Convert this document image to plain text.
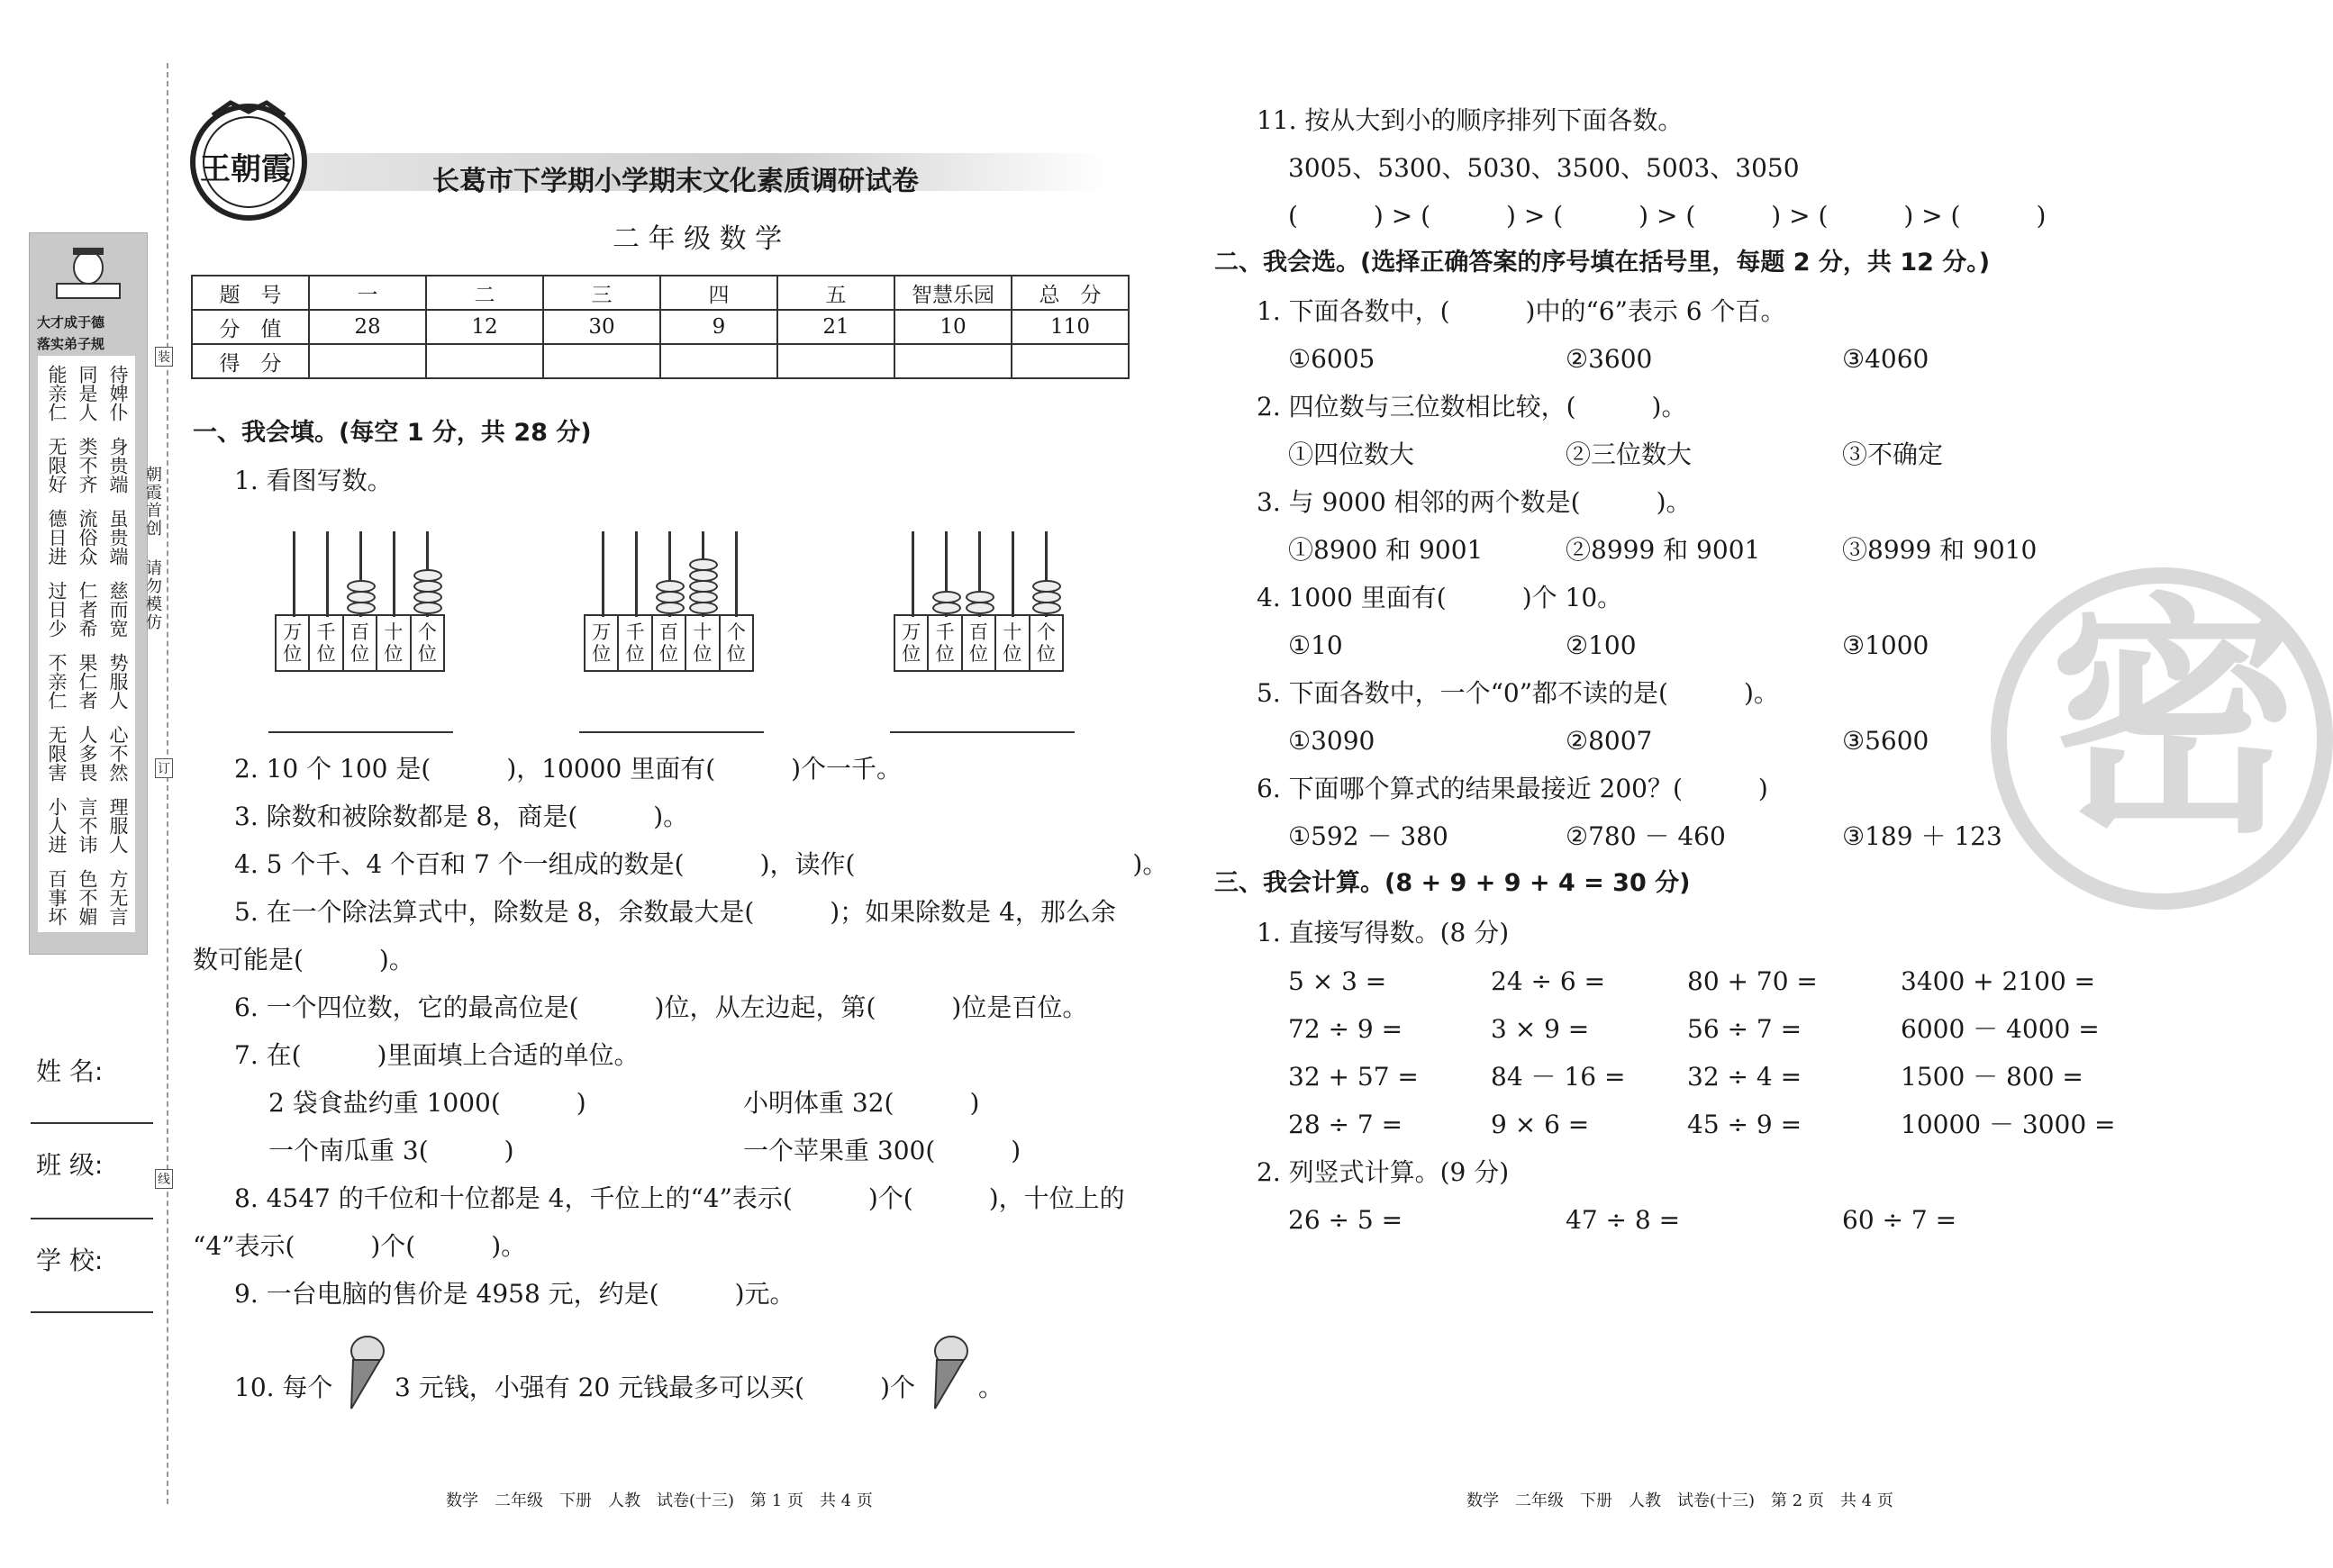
大才成于德
落实弟子规
能亲仁
无限好
德日进
过日少
不亲仁
无限害
小人进
百事坏
同是人
类不齐
流俗众
仁者希
果仁者
人多畏
言不讳
色不媚
待婢仆
身贵端
虽贵端
慈而宽
势服人
心不然
理服人
方无言
姓 名:
班 级:
学 校:
朝霞首创
请勿模仿
装
订
线
王朝霞	长葛市下学期小学期末文化素质调研试卷
二 年 级 数 学
题　号	一	二	三	四	五	智慧乐园	总　分
分　值	28	12	30	9	21	10	110
得　分							
一、我会填。(每空 1 分，共 28 分)
1. 看图写数。
万位
千位
百位
十位
个位
万位
千位
百位
十位
个位
万位
千位
百位
十位
个位
2. 10 个 100 是(　　　)，10000 里面有(　　　)个一千。
3. 除数和被除数都是 8，商是(　　　)。
4. 5 个千、4 个百和 7 个一组成的数是(　　　)，读作(　　　　　　　　　　　)。
5. 在一个除法算式中，除数是 8，余数最大是(　　　)；如果除数是 4，那么余
数可能是(　　　)。
6. 一个四位数，它的最高位是(　　　)位，从左边起，第(　　　)位是百位。
7. 在(　　　)里面填上合适的单位。
2 袋食盐约重 1000(　　　)	小明体重 32(　　　)
一个南瓜重 3(　　　)	一个苹果重 300(　　　)
8. 4547 的千位和十位都是 4，千位上的“4”表示(　　　)个(　　　)，十位上的
“4”表示(　　　)个(　　　)。
9. 一台电脑的售价是 4958 元，约是(　　　)元。
10. 每个 3 元钱，小强有 20 元钱最多可以买(　　　)个	。
数学　二年级　下册　人教　试卷(十三)　第 1 页　共 4 页
11. 按从大到小的顺序排列下面各数。
3005、5300、5030、3500、5003、3050
(　　　) > (　　　) > (　　　) > (　　　) > (　　　) > (　　　)
二、我会选。(选择正确答案的序号填在括号里，每题 2 分，共 12 分。)
1. 下面各数中，(　　　)中的“6”表示 6 个百。
①6005	②3600	③4060
2. 四位数与三位数相比较，(　　　)。
①四位数大	②三位数大	③不确定
3. 与 9000 相邻的两个数是(　　　)。
①8900 和 9001	②8999 和 9001	③8999 和 9010
4. 1000 里面有(　　　)个 10。
①10	②100	③1000
5. 下面各数中，一个“0”都不读的是(　　　)。
①3090	②8007	③5600
6. 下面哪个算式的结果最接近 200？(　　　)
①592 － 380	②780 － 460	③189 ＋ 123
三、我会计算。(8 + 9 + 9 + 4 = 30 分)
1. 直接写得数。(8 分)
5 × 3 =	24 ÷ 6 =	80 + 70 =	3400 + 2100 =
72 ÷ 9 =	3 × 9 =	56 ÷ 7 =	6000 － 4000 =
32 + 57 =	84 － 16 = 32 ÷ 4 =	1500 － 800 =
28 ÷ 7 =	9 × 6 =	45 ÷ 9 =	10000 － 3000 =
2. 列竖式计算。(9 分)
26 ÷ 5 =	47 ÷ 8 =	60 ÷ 7 =
密
数学　二年级　下册　人教　试卷(十三)　第 2 页　共 4 页
